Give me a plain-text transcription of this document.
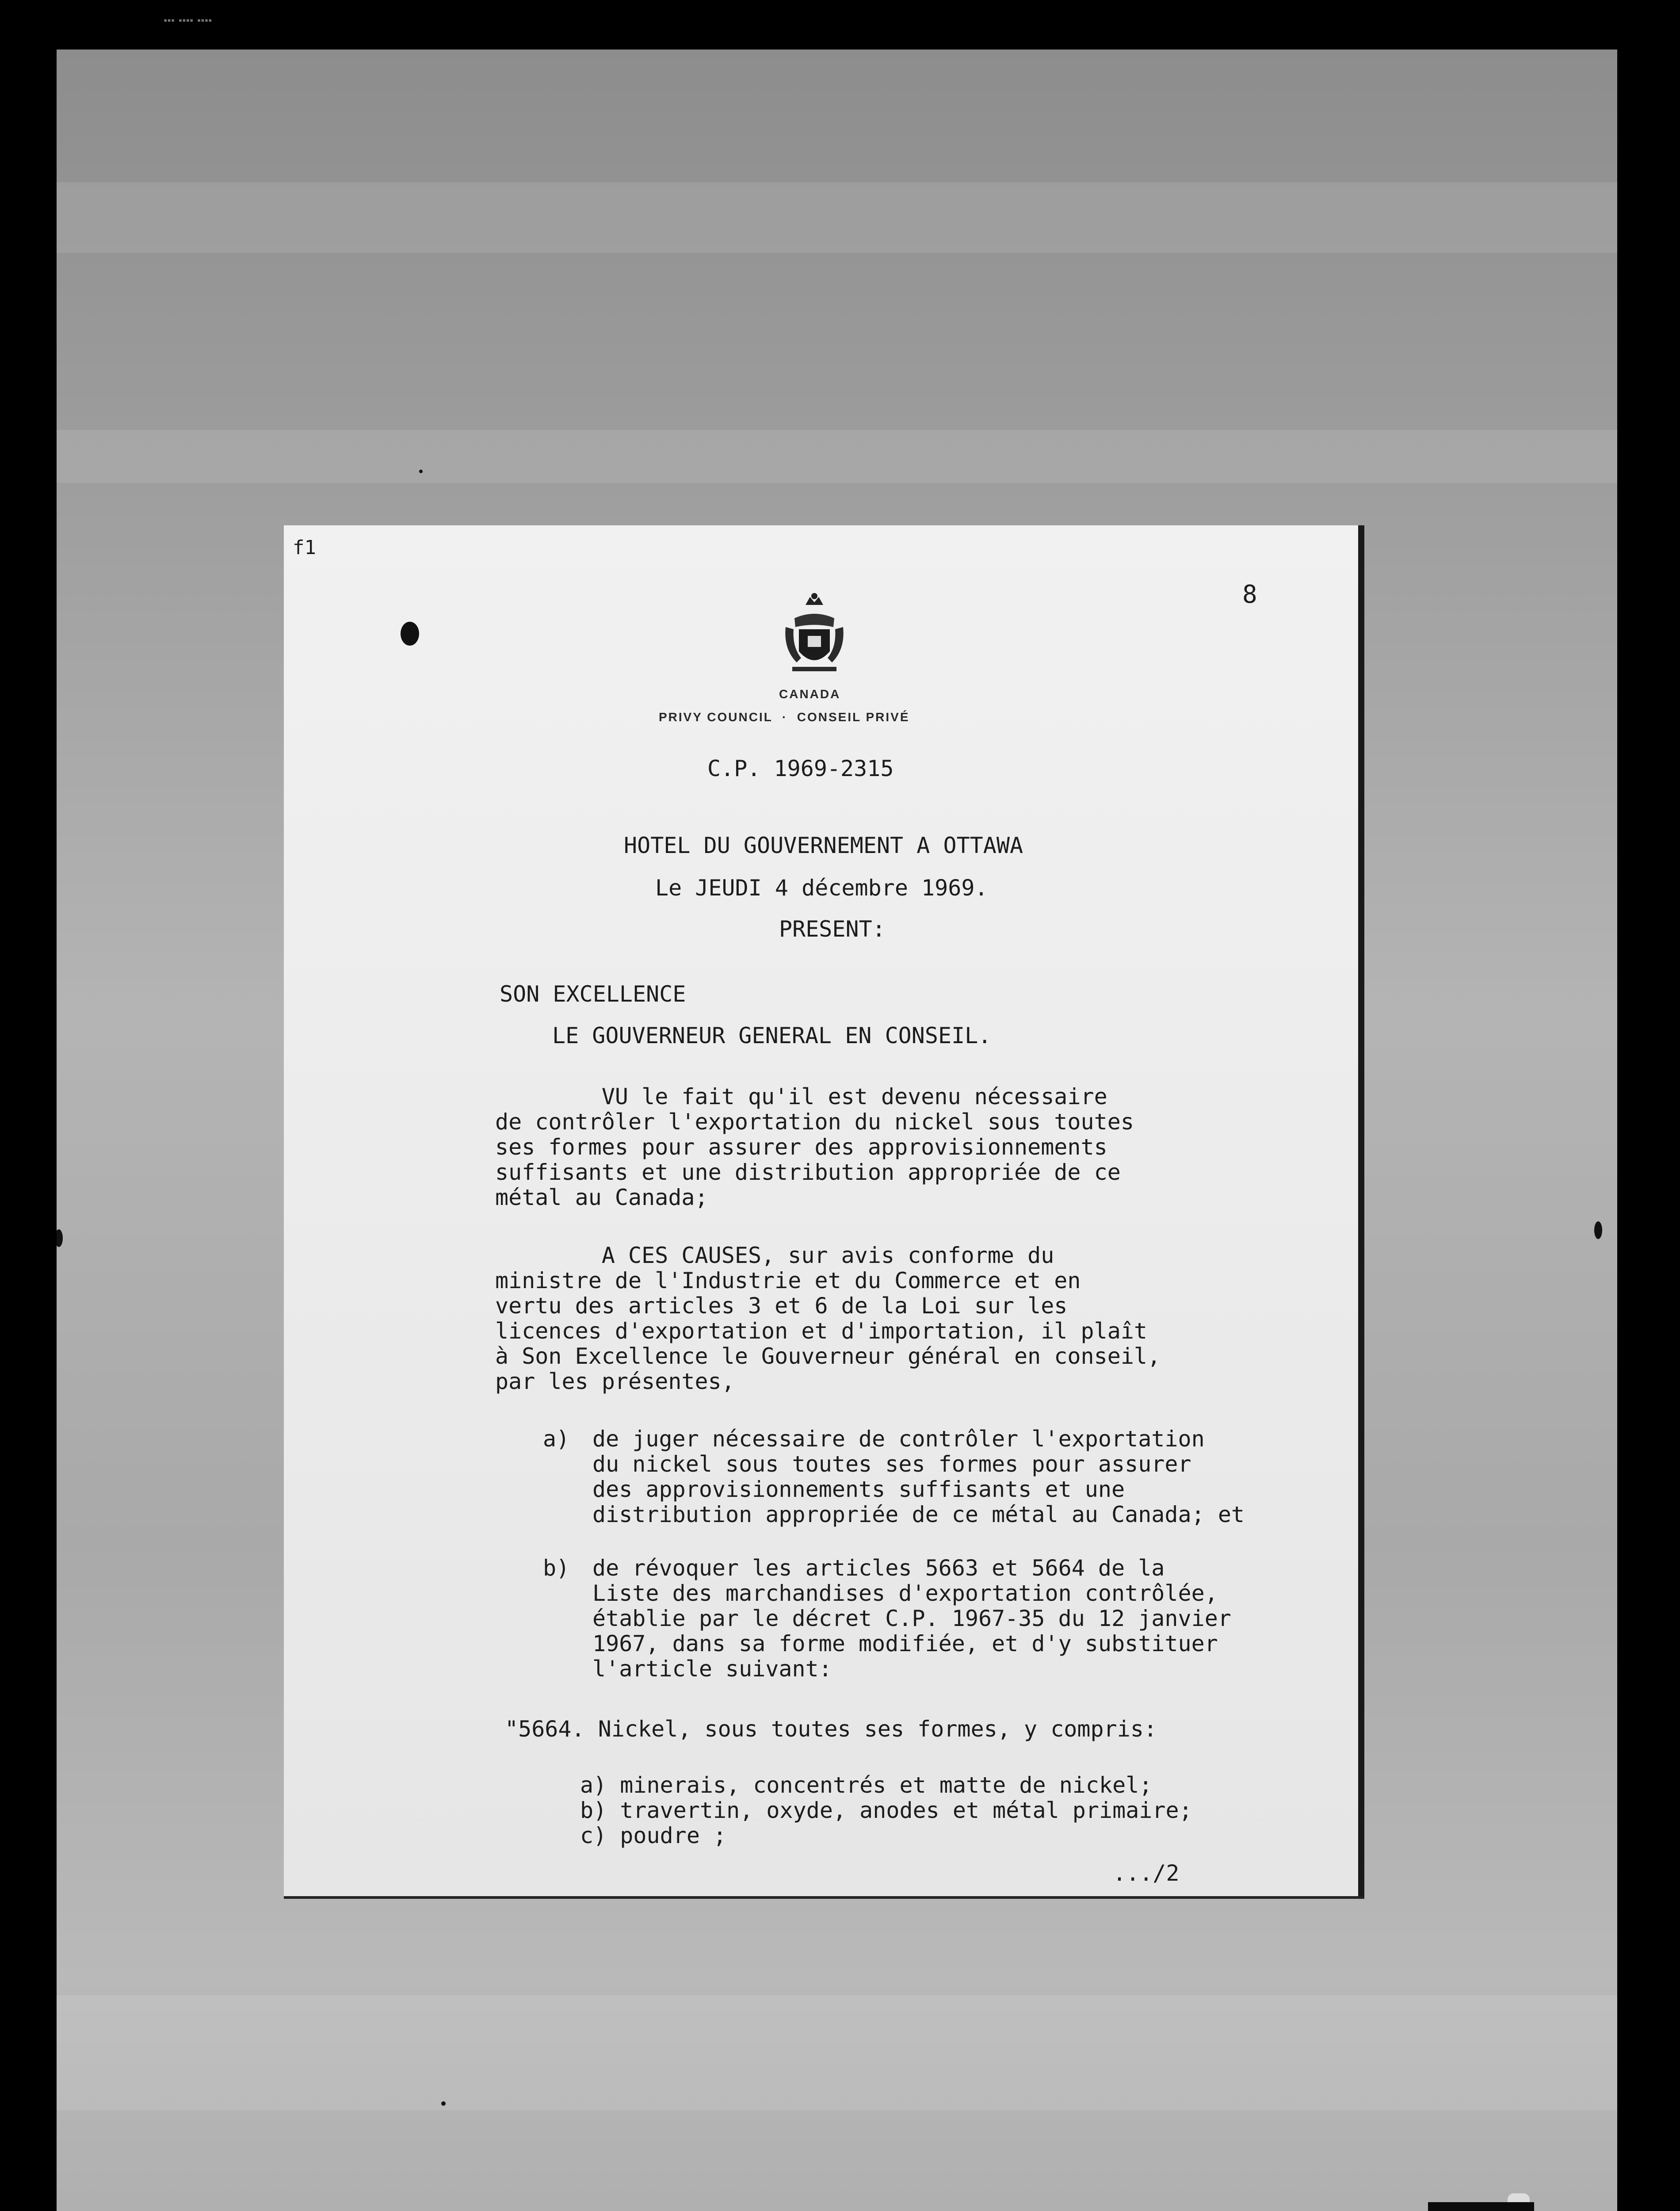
▪▪▪ ▪▪▪▪ ▪▪▪▪
f1
8
CANADA
PRIVY COUNCIL  ·  CONSEIL PRIVÉ
C.P. 1969-2315
HOTEL DU GOUVERNEMENT A OTTAWA
Le JEUDI 4 décembre 1969.
PRESENT:
SON EXCELLENCE
LE GOUVERNEUR GENERAL EN CONSEIL.
VU le fait qu'il est devenu nécessaire
de contrôler l'exportation du nickel sous toutes
ses formes pour assurer des approvisionnements
suffisants et une distribution appropriée de ce
métal au Canada;
A CES CAUSES, sur avis conforme du
ministre de l'Industrie et du Commerce et en
vertu des articles 3 et 6 de la Loi sur les
licences d'exportation et d'importation, il plaît
à Son Excellence le Gouverneur général en conseil,
par les présentes,
a) de juger nécessaire de contrôler l'exportation
du nickel sous toutes ses formes pour assurer
des approvisionnements suffisants et une
distribution appropriée de ce métal au Canada; et
b) de révoquer les articles 5663 et 5664 de la
Liste des marchandises d'exportation contrôlée,
établie par le décret C.P. 1967-35 du 12 janvier
1967, dans sa forme modifiée, et d'y substituer
l'article suivant:
"5664. Nickel, sous toutes ses formes, y compris:
a) minerais, concentrés et matte de nickel;
b) travertin, oxyde, anodes et métal primaire;
c) poudre ;
.../2
